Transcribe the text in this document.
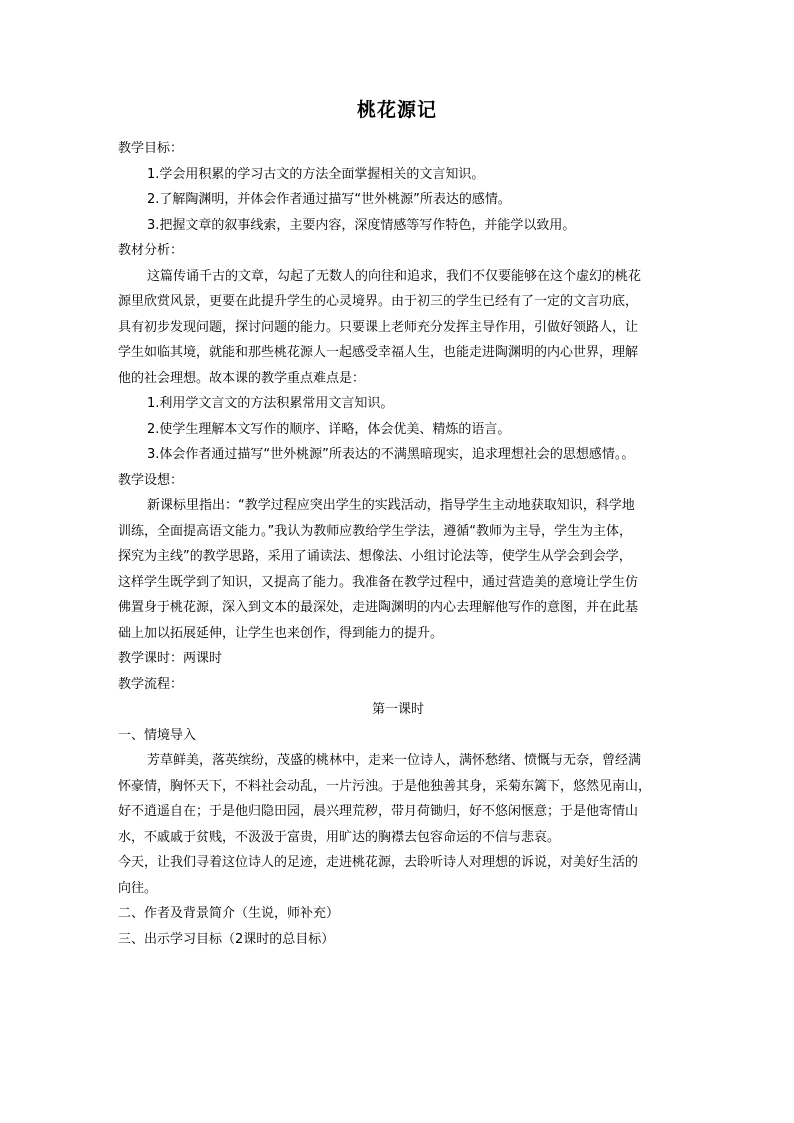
桃花源记
教学目标：
1.学会用积累的学习古文的方法全面掌握相关的文言知识。
2.了解陶渊明，并体会作者通过描写“世外桃源”所表达的感情。
3.把握文章的叙事线索，主要内容，深度情感等写作特色，并能学以致用。
教材分析：
这篇传诵千古的文章，勾起了无数人的向往和追求，我们不仅要能够在这个虚幻的桃花
源里欣赏风景，更要在此提升学生的心灵境界。由于初三的学生已经有了一定的文言功底，
具有初步发现问题，探讨问题的能力。只要课上老师充分发挥主导作用，引做好领路人，让
学生如临其境，就能和那些桃花源人一起感受幸福人生，也能走进陶渊明的内心世界，理解
他的社会理想。故本课的教学重点难点是：
1.利用学文言文的方法积累常用文言知识。
2.使学生理解本文写作的顺序、详略，体会优美、精炼的语言。
3.体会作者通过描写“世外桃源”所表达的不满黑暗现实，追求理想社会的思想感情。。
教学设想：
新课标里指出：“教学过程应突出学生的实践活动，指导学生主动地获取知识，科学地
训练，全面提高语文能力。”我认为教师应教给学生学法，遵循“教师为主导，学生为主体，
探究为主线”的教学思路，采用了诵读法、想像法、小组讨论法等，使学生从学会到会学，
这样学生既学到了知识，又提高了能力。我准备在教学过程中，通过营造美的意境让学生仿
佛置身于桃花源，深入到文本的最深处，走进陶渊明的内心去理解他写作的意图，并在此基
础上加以拓展延伸，让学生也来创作，得到能力的提升。
教学课时：两课时
教学流程：
第一课时
一、情境导入
芳草鲜美，落英缤纷，茂盛的桃林中，走来一位诗人，满怀愁绪、愤慨与无奈，曾经满
怀豪情，胸怀天下，不料社会动乱，一片污浊。于是他独善其身，采菊东篱下，悠然见南山，
好不逍遥自在；于是他归隐田园，晨兴理荒秽，带月荷锄归，好不悠闲惬意；于是他寄情山
水，不戚戚于贫贱，不汲汲于富贵，用旷达的胸襟去包容命运的不信与悲哀。
今天，让我们寻着这位诗人的足迹，走进桃花源，去聆听诗人对理想的诉说，对美好生活的
向往。
二、作者及背景简介（生说，师补充）
三、出示学习目标（2课时的总目标）
